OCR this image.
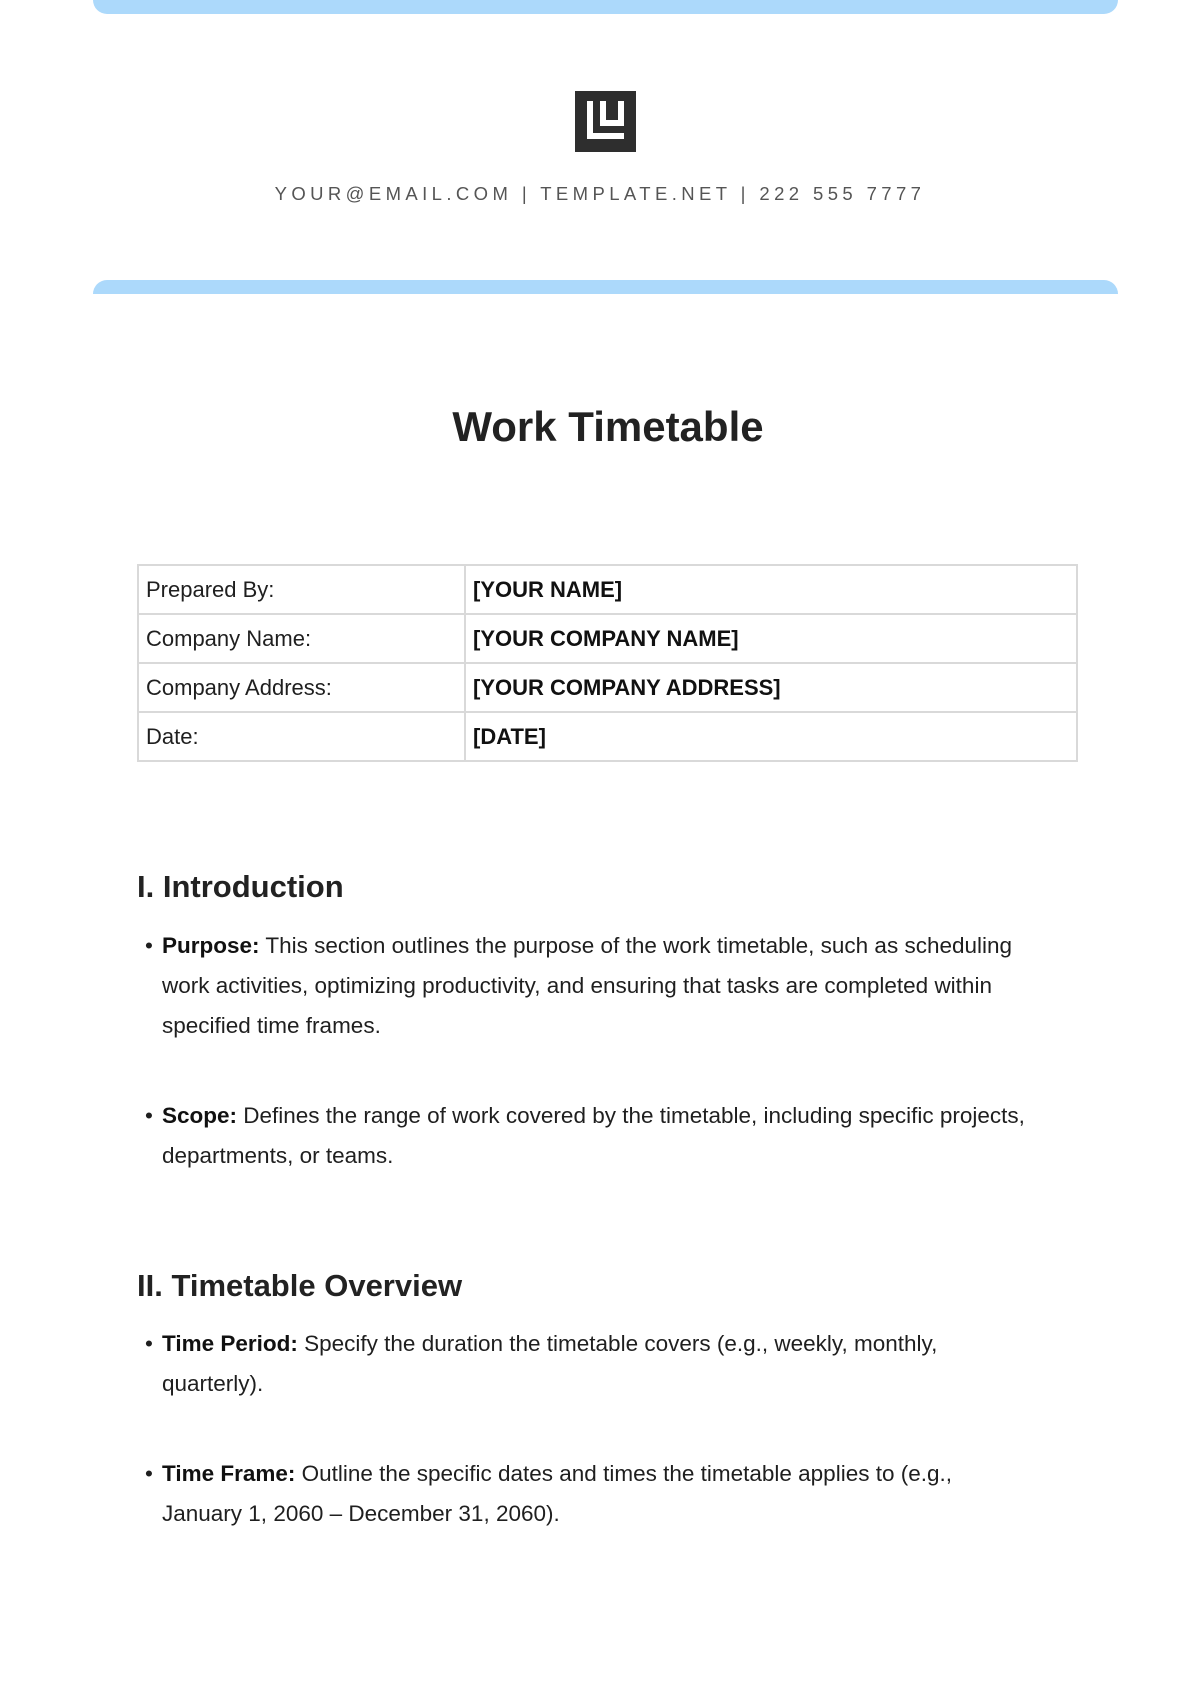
YOUR@EMAIL.COM | TEMPLATE.NET | 222 555 7777
Work Timetable
Prepared By:	[YOUR NAME]
Company Name:	[YOUR COMPANY NAME]
Company Address:	[YOUR COMPANY ADDRESS]
Date:	[DATE]
I. Introduction
• Purpose: This section outlines the purpose of the work timetable, such as scheduling work activities, optimizing productivity, and ensuring that tasks are completed within specified time frames.
• Scope: Defines the range of work covered by the timetable, including specific projects, departments, or teams.
II. Timetable Overview
• Time Period: Specify the duration the timetable covers (e.g., weekly, monthly, quarterly).
• Time Frame: Outline the specific dates and times the timetable applies to (e.g., January 1, 2060 – December 31, 2060).
